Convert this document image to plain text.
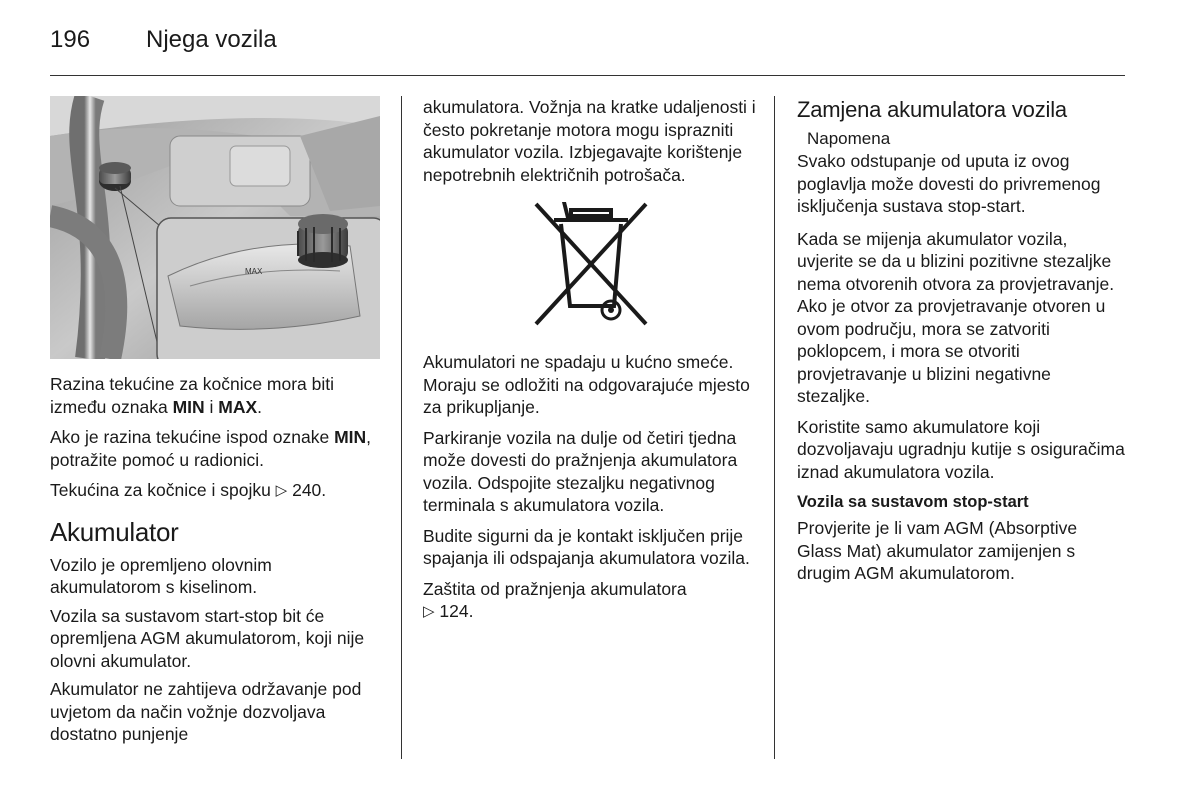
196 Njega vozila
MAX

Razina tekućine za kočnice mora biti između oznaka MIN i MAX.

Ako je razina tekućine ispod oznake MIN, potražite pomoć u radionici.

Tekućina za kočnice i spojku ▷ 240.

Akumulator

Vozilo je opremljeno olovnim akumulatorom s kiselinom.

Vozila sa sustavom start-stop bit će opremljena AGM akumulatorom, koji nije olovni akumulator.

Akumulator ne zahtijeva održavanje pod uvjetom da način vožnje dozvoljava dostatno punjenje

akumulatora. Vožnja na kratke udaljenosti i često pokretanje motora mogu isprazniti akumulator vozila. Izbjegavajte korištenje nepotrebnih električnih potrošača.

Akumulatori ne spadaju u kućno smeće. Moraju se odložiti na odgovarajuće mjesto za prikupljanje.

Parkiranje vozila na dulje od četiri tjedna može dovesti do pražnjenja akumulatora vozila. Odspojite stezaljku negativnog terminala s akumulatora vozila.

Budite sigurni da je kontakt isključen prije spajanja ili odspajanja akumulatora vozila.

Zaštita od pražnjenja akumulatora
▷ 124.

Zamjena akumulatora vozila
Napomena

Svako odstupanje od uputa iz ovog poglavlja može dovesti do privremenog isključenja sustava stop-start.

Kada se mijenja akumulator vozila, uvjerite se da u blizini pozitivne stezaljke nema otvorenih otvora za provjetravanje. Ako je otvor za provjetravanje otvoren u ovom području, mora se zatvoriti poklopcem, i mora se otvoriti provjetravanje u blizini negativne stezaljke.

Koristite samo akumulatore koji dozvoljavaju ugradnju kutije s osiguračima iznad akumulatora vozila.

Vozila sa sustavom stop-start

Provjerite je li vam AGM (Absorptive Glass Mat) akumulator zamijenjen s drugim AGM akumulatorom.
